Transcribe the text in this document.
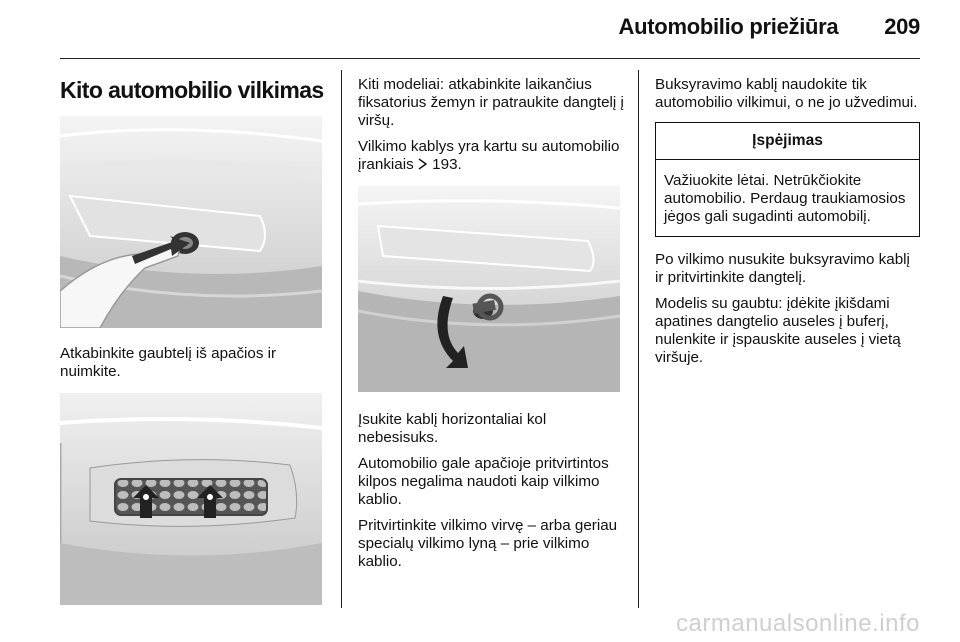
Automobilio priežiūra 209
Kito automobilio vilkimas

Atkabinkite gaubtelį iš apačios ir nuimkite.

Kiti modeliai: atkabinkite laikančius fiksatorius žemyn ir patraukite dangtelį į viršų.

Vilkimo kablys yra kartu su automobilio įrankiais  193.

Įsukite kablį horizontaliai kol nebesisuks.

Automobilio gale apačioje pritvirtintos kilpos negalima naudoti kaip vilkimo kablio.

Pritvirtinkite vilkimo virvę – arba geriau specialų vilkimo lyną – prie vilkimo kablio.

Buksyravimo kablį naudokite tik automobilio vilkimui, o ne jo užvedimui.

Įspėjimas
Važiuokite lėtai. Netrūkčiokite automobilio. Perdaug traukiamosios jėgos gali sugadinti automobilį.

Po vilkimo nusukite buksyravimo kablį ir pritvirtinkite dangtelį.

Modelis su gaubtu: įdėkite įkišdami apatines dangtelio auseles į buferį, nulenkite ir įspauskite auseles į vietą viršuje.

carmanualsonline.info
